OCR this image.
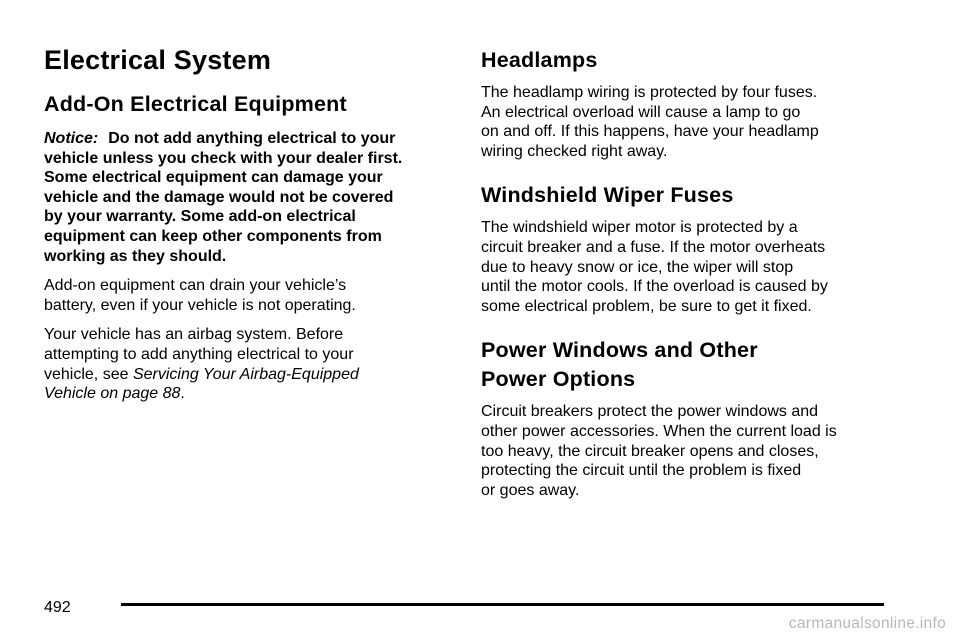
Electrical System
Add-On Electrical Equipment
Notice: Do not add anything electrical to your
vehicle unless you check with your dealer first.
Some electrical equipment can damage your
vehicle and the damage would not be covered
by your warranty. Some add-on electrical
equipment can keep other components from
working as they should.
Add-on equipment can drain your vehicle’s
battery, even if your vehicle is not operating.
Your vehicle has an airbag system. Before
attempting to add anything electrical to your
vehicle, see Servicing Your Airbag-Equipped
Vehicle on page 88.
Headlamps
The headlamp wiring is protected by four fuses.
An electrical overload will cause a lamp to go
on and off. If this happens, have your headlamp
wiring checked right away.
Windshield Wiper Fuses
The windshield wiper motor is protected by a
circuit breaker and a fuse. If the motor overheats
due to heavy snow or ice, the wiper will stop
until the motor cools. If the overload is caused by
some electrical problem, be sure to get it fixed.
Power Windows and Other
Power Options
Circuit breakers protect the power windows and
other power accessories. When the current load is
too heavy, the circuit breaker opens and closes,
protecting the circuit until the problem is fixed
or goes away.
492
carmanualsonline.info
